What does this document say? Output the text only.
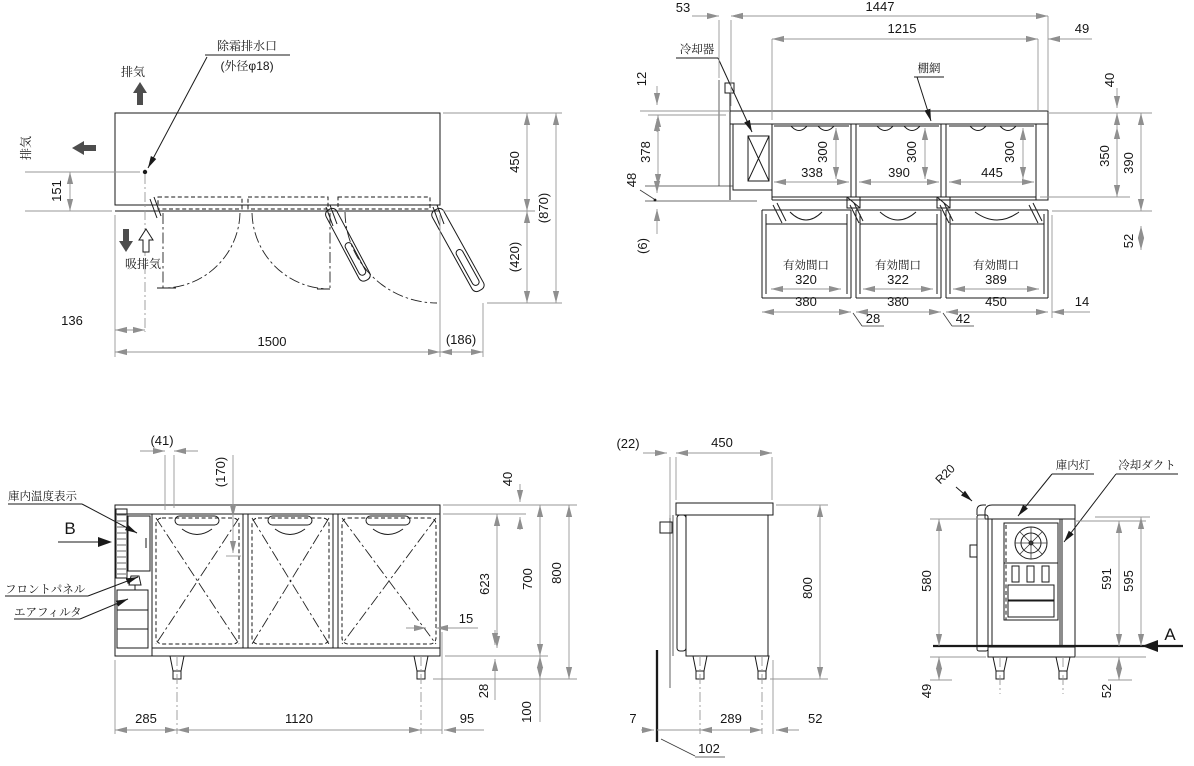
除霜排水口
(外径φ18)
排気
排気
吸排気
151
136
1500	(186)
450
(420)
(870)
冷却器
棚網
53	1447
1215	49
12	40
378
48
(6)
338
300
390
300
445
300	350 390
52
有効間口
320
有効間口
322
有効間口
389
380	380	450	14
28	42
庫内温度表示
B
フロントパネル
エアフィルタ
(41)
(170)	40
623 700 800
15
28
100
285	1120	95
(22)	450
800
7	289	52
102
R20	庫内灯 冷却ダクト
580	591 595
49	52
A
